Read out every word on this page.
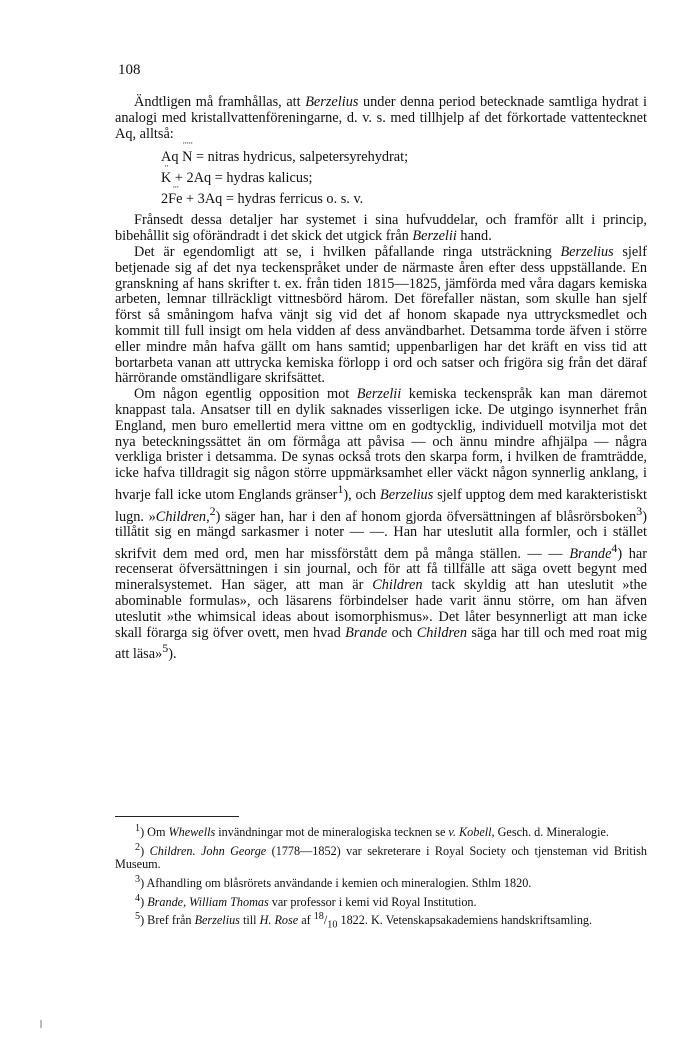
108

Ändtligen må framhållas, att Berzelius under denna period betecknade samtliga hydrat i analogi med kristallvattenföreningarne, d. v. s. med tillhjelp af det förkortade vattentecknet Aq, alltså:

Aq ····· N = nitras hydricus, salpetersyrehydrat;
·· K + 2Aq = hydras kalicus;
2··· Fe + 3Aq = hydras ferricus o. s. v.

Frånsedt dessa detaljer har systemet i sina hufvuddelar, och framför allt i princip, bibehållit sig oförändradt i det skick det utgick från Berzelii hand.

Det är egendomligt att se, i hvilken påfallande ringa utsträckning Berzelius sjelf betjenade sig af det nya teckenspråket under de närmaste åren efter dess uppställande. En granskning af hans skrifter t. ex. från tiden 1815—1825, jämförda med våra dagars kemiska arbeten, lemnar tillräckligt vittnesbörd härom. Det förefaller nästan, som skulle han sjelf först så småningom hafva vänjt sig vid det af honom skapade nya uttrycksmedlet och kommit till full insigt om hela vidden af dess användbarhet. Detsamma torde äfven i större eller mindre mån hafva gällt om hans samtid; uppenbarligen har det kräft en viss tid att bortarbeta vanan att uttrycka kemiska förlopp i ord och satser och frigöra sig från det däraf härrörande omständligare skrifsättet.

Om någon egentlig opposition mot Berzelii kemiska teckenspråk kan man däremot knappast tala. Ansatser till en dylik saknades visserligen icke. De utgingo isynnerhet från England, men buro emellertid mera vittne om en godtycklig, individuell motvilja mot det nya beteckningssättet än om förmåga att påvisa — och ännu mindre afhjälpa — några verkliga brister i detsamma. De synas också trots den skarpa form, i hvilken de framträdde, icke hafva tilldragit sig någon större uppmärksamhet eller väckt någon synnerlig anklang, i hvarje fall icke utom Englands gränser$^1$), och Berzelius sjelf upptog dem med karakteristiskt lugn. »Children,$^2$) säger han, har i den af honom gjorda öfversättningen af blåsrörsboken$^3$) tillåtit sig en mängd sarkasmer i noter — —. Han har uteslutit alla formler, och i stället skrifvit dem med ord, men har missförstått dem på många ställen. — — Brande$^4$) har recenserat öfversättningen i sin journal, och för att få tillfälle att säga ovett begynt med mineralsystemet. Han säger, att man är Children tack skyldig att han uteslutit »the abominable formulas», och läsarens förbindelser hade varit ännu större, om han äfven uteslutit »the whimsical ideas about isomorphismus». Det låter besynnerligt att man icke skall förarga sig öfver ovett, men hvad Brande och Children säga har till och med roat mig att läsa»$^5$).

$^1$) Om Whewells invändningar mot de mineralogiska tecknen se v. Kobell, Gesch. d. Mineralogie.

$^2$) Children. John George (1778—1852) var sekreterare i Royal Society och tjensteman vid British Museum.

$^3$) Afhandling om blåsrörets användande i kemien och mineralogien. Sthlm 1820.

$^4$) Brande, William Thomas var professor i kemi vid Royal Institution.

$^5$) Bref från Berzelius till H. Rose af $^{18}/_{10}$ 1822. K. Vetenskapsakademiens handskriftsamling.
